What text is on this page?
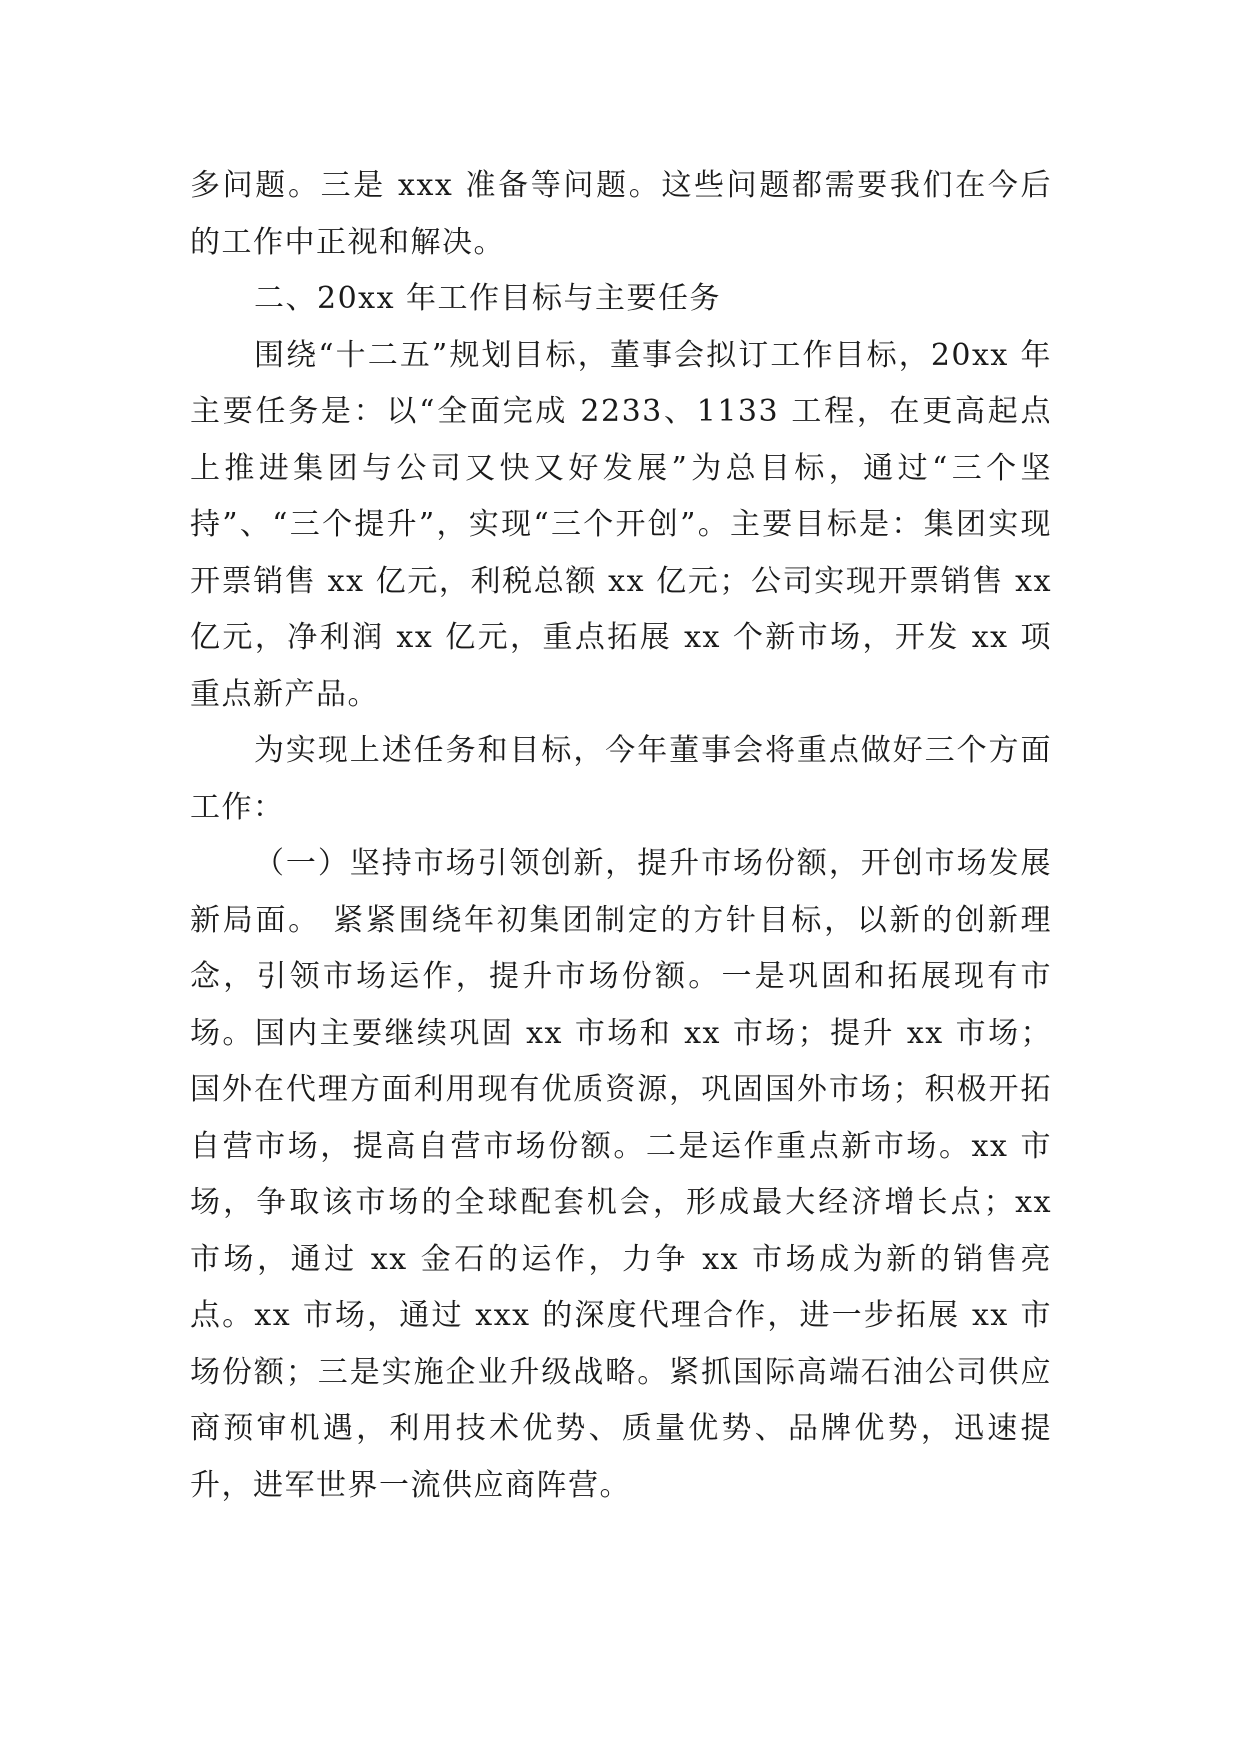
多问题。三是 xxx 准备等问题。这些问题都需要我们在今后的工作中正视和解决。

二、20xx 年工作目标与主要任务

围绕“十二五”规划目标，董事会拟订工作目标，20xx 年主要任务是：以“全面完成 2233、1133 工程，在更高起点上推进集团与公司又快又好发展”为总目标，通过“三个坚持”、“三个提升”，实现“三个开创”。主要目标是：集团实现开票销售 xx 亿元，利税总额 xx 亿元；公司实现开票销售 xx 亿元，净利润 xx 亿元，重点拓展 xx 个新市场，开发 xx 项重点新产品。

为实现上述任务和目标，今年董事会将重点做好三个方面工作：

（一）坚持市场引领创新，提升市场份额，开创市场发展新局面。 紧紧围绕年初集团制定的方针目标，以新的创新理念，引领市场运作，提升市场份额。一是巩固和拓展现有市场。国内主要继续巩固 xx 市场和 xx 市场；提升 xx 市场；国外在代理方面利用现有优质资源，巩固国外市场；积极开拓自营市场，提高自营市场份额。二是运作重点新市场。xx 市场，争取该市场的全球配套机会，形成最大经济增长点；xx 市场，通过 xx 金石的运作，力争 xx 市场成为新的销售亮点。xx 市场，通过 xxx 的深度代理合作，进一步拓展 xx 市场份额；三是实施企业升级战略。紧抓国际高端石油公司供应商预审机遇，利用技术优势、质量优势、品牌优势，迅速提升，进军世界一流供应商阵营。
